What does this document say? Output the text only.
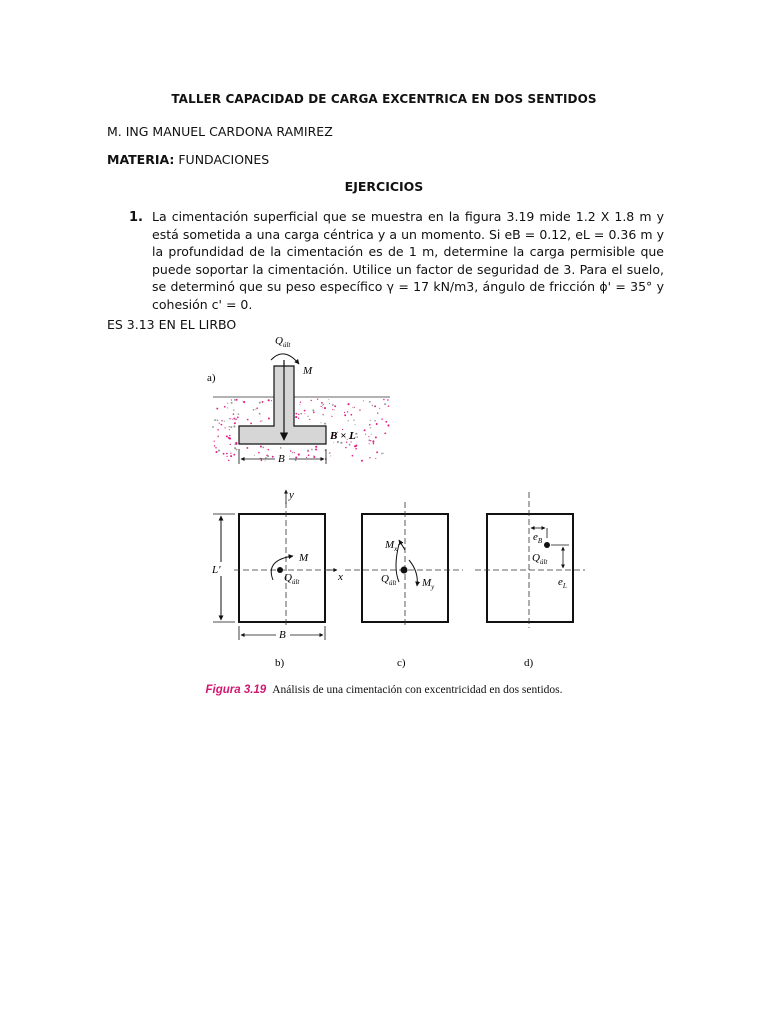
TALLER CAPACIDAD DE CARGA EXCENTRICA EN DOS SENTIDOS
M. ING MANUEL CARDONA RAMIREZ
MATERIA: FUNDACIONES
EJERCICIOS
1. La cimentación superficial que se muestra en la figura 3.19 mide 1.2 X 1.8 m y está sometida a una carga céntrica y a un momento. Si eB = 0.12, eL = 0.36 m y la profundidad de la cimentación es de 1 m, determine la carga permisible que puede soportar la cimentación. Utilice un factor de seguridad de 3. Para el suelo, se determinó que su peso específico γ = 17 kN/m3, ángulo de fricción ϕ' = 35° y cohesión c' = 0.
ES 3.13 EN EL LIRBO
a)
$Q_{últ}$
M
B × L
B
y
x
M
$Q_{últ}$
L'
B
b)
$M_x$
$Q_{últ}$ $M_y$
c)
$e_B$
$Q_{últ}$
$e_L$
d)
Figura 3.19 Análisis de una cimentación con excentricidad en dos sentidos.
